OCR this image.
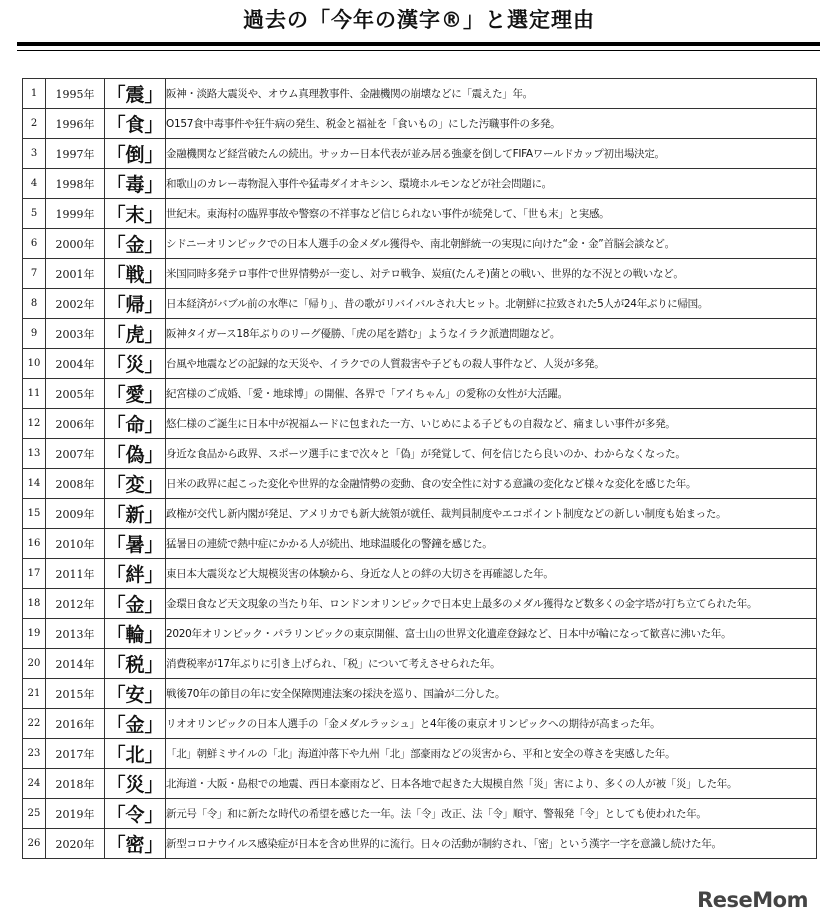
過去の「今年の漢字®」と選定理由
1	1995年	「震」	阪神・淡路大震災や、オウム真理教事件、金融機関の崩壊などに「震えた」年。
2	1996年	「食」	O157食中毒事件や狂牛病の発生、税金と福祉を「食いもの」にした汚職事件の多発。
3	1997年	「倒」	金融機関など経営破たんの続出。サッカー日本代表が並み居る強豪を倒してFIFAワールドカップ初出場決定。
4	1998年	「毒」	和歌山のカレー毒物混入事件や猛毒ダイオキシン、環境ホルモンなどが社会問題に。
5	1999年	「末」	世紀末。東海村の臨界事故や警察の不祥事など信じられない事件が続発して、「世も末」と実感。
6	2000年	「金」	シドニーオリンピックでの日本人選手の金メダル獲得や、南北朝鮮統一の実現に向けた“金・金”首脳会談など。
7	2001年	「戦」	米国同時多発テロ事件で世界情勢が一変し、対テロ戦争、炭疽(たんそ)菌との戦い、世界的な不況との戦いなど。
8	2002年	「帰」	日本経済がバブル前の水準に「帰り」、昔の歌がリバイバルされ大ヒット。北朝鮮に拉致された5人が24年ぶりに帰国。
9	2003年	「虎」	阪神タイガース18年ぶりのリーグ優勝、「虎の尾を踏む」ようなイラク派遣問題など。
10	2004年	「災」	台風や地震などの記録的な天災や、イラクでの人質殺害や子どもの殺人事件など、人災が多発。
11	2005年	「愛」	紀宮様のご成婚、「愛・地球博」の開催、各界で「アイちゃん」の愛称の女性が大活躍。
12	2006年	「命」	悠仁様のご誕生に日本中が祝福ムードに包まれた一方、いじめによる子どもの自殺など、痛ましい事件が多発。
13	2007年	「偽」	身近な食品から政界、スポーツ選手にまで次々と「偽」が発覚して、何を信じたら良いのか、わからなくなった。
14	2008年	「変」	日米の政界に起こった変化や世界的な金融情勢の変動、食の安全性に対する意識の変化など様々な変化を感じた年。
15	2009年	「新」	政権が交代し新内閣が発足、アメリカでも新大統領が就任、裁判員制度やエコポイント制度などの新しい制度も始まった。
16	2010年	「暑」	猛暑日の連続で熱中症にかかる人が続出、地球温暖化の警鐘を感じた。
17	2011年	「絆」	東日本大震災など大規模災害の体験から、身近な人との絆の大切さを再確認した年。
18	2012年	「金」	金環日食など天文現象の当たり年、ロンドンオリンピックで日本史上最多のメダル獲得など数多くの金字塔が打ち立てられた年。
19	2013年	「輪」	2020年オリンピック・パラリンピックの東京開催、富士山の世界文化遺産登録など、日本中が輪になって歓喜に沸いた年。
20	2014年	「税」	消費税率が17年ぶりに引き上げられ、「税」について考えさせられた年。
21	2015年	「安」	戦後70年の節目の年に安全保障関連法案の採決を巡り、国論が二分した。
22	2016年	「金」	リオオリンピックの日本人選手の「金メダルラッシュ」と4年後の東京オリンピックへの期待が高まった年。
23	2017年	「北」	「北」朝鮮ミサイルの「北」海道沖落下や九州「北」部豪雨などの災害から、平和と安全の尊さを実感した年。
24	2018年	「災」	北海道・大阪・島根での地震、西日本豪雨など、日本各地で起きた大規模自然「災」害により、多くの人が被「災」した年。
25	2019年	「令」	新元号「令」和に新たな時代の希望を感じた一年。法「令」改正、法「令」順守、警報発「令」としても使われた年。
26	2020年	「密」	新型コロナウイルス感染症が日本を含め世界的に流行。日々の活動が制約され、「密」という漢字一字を意識し続けた年。
ReseMom
